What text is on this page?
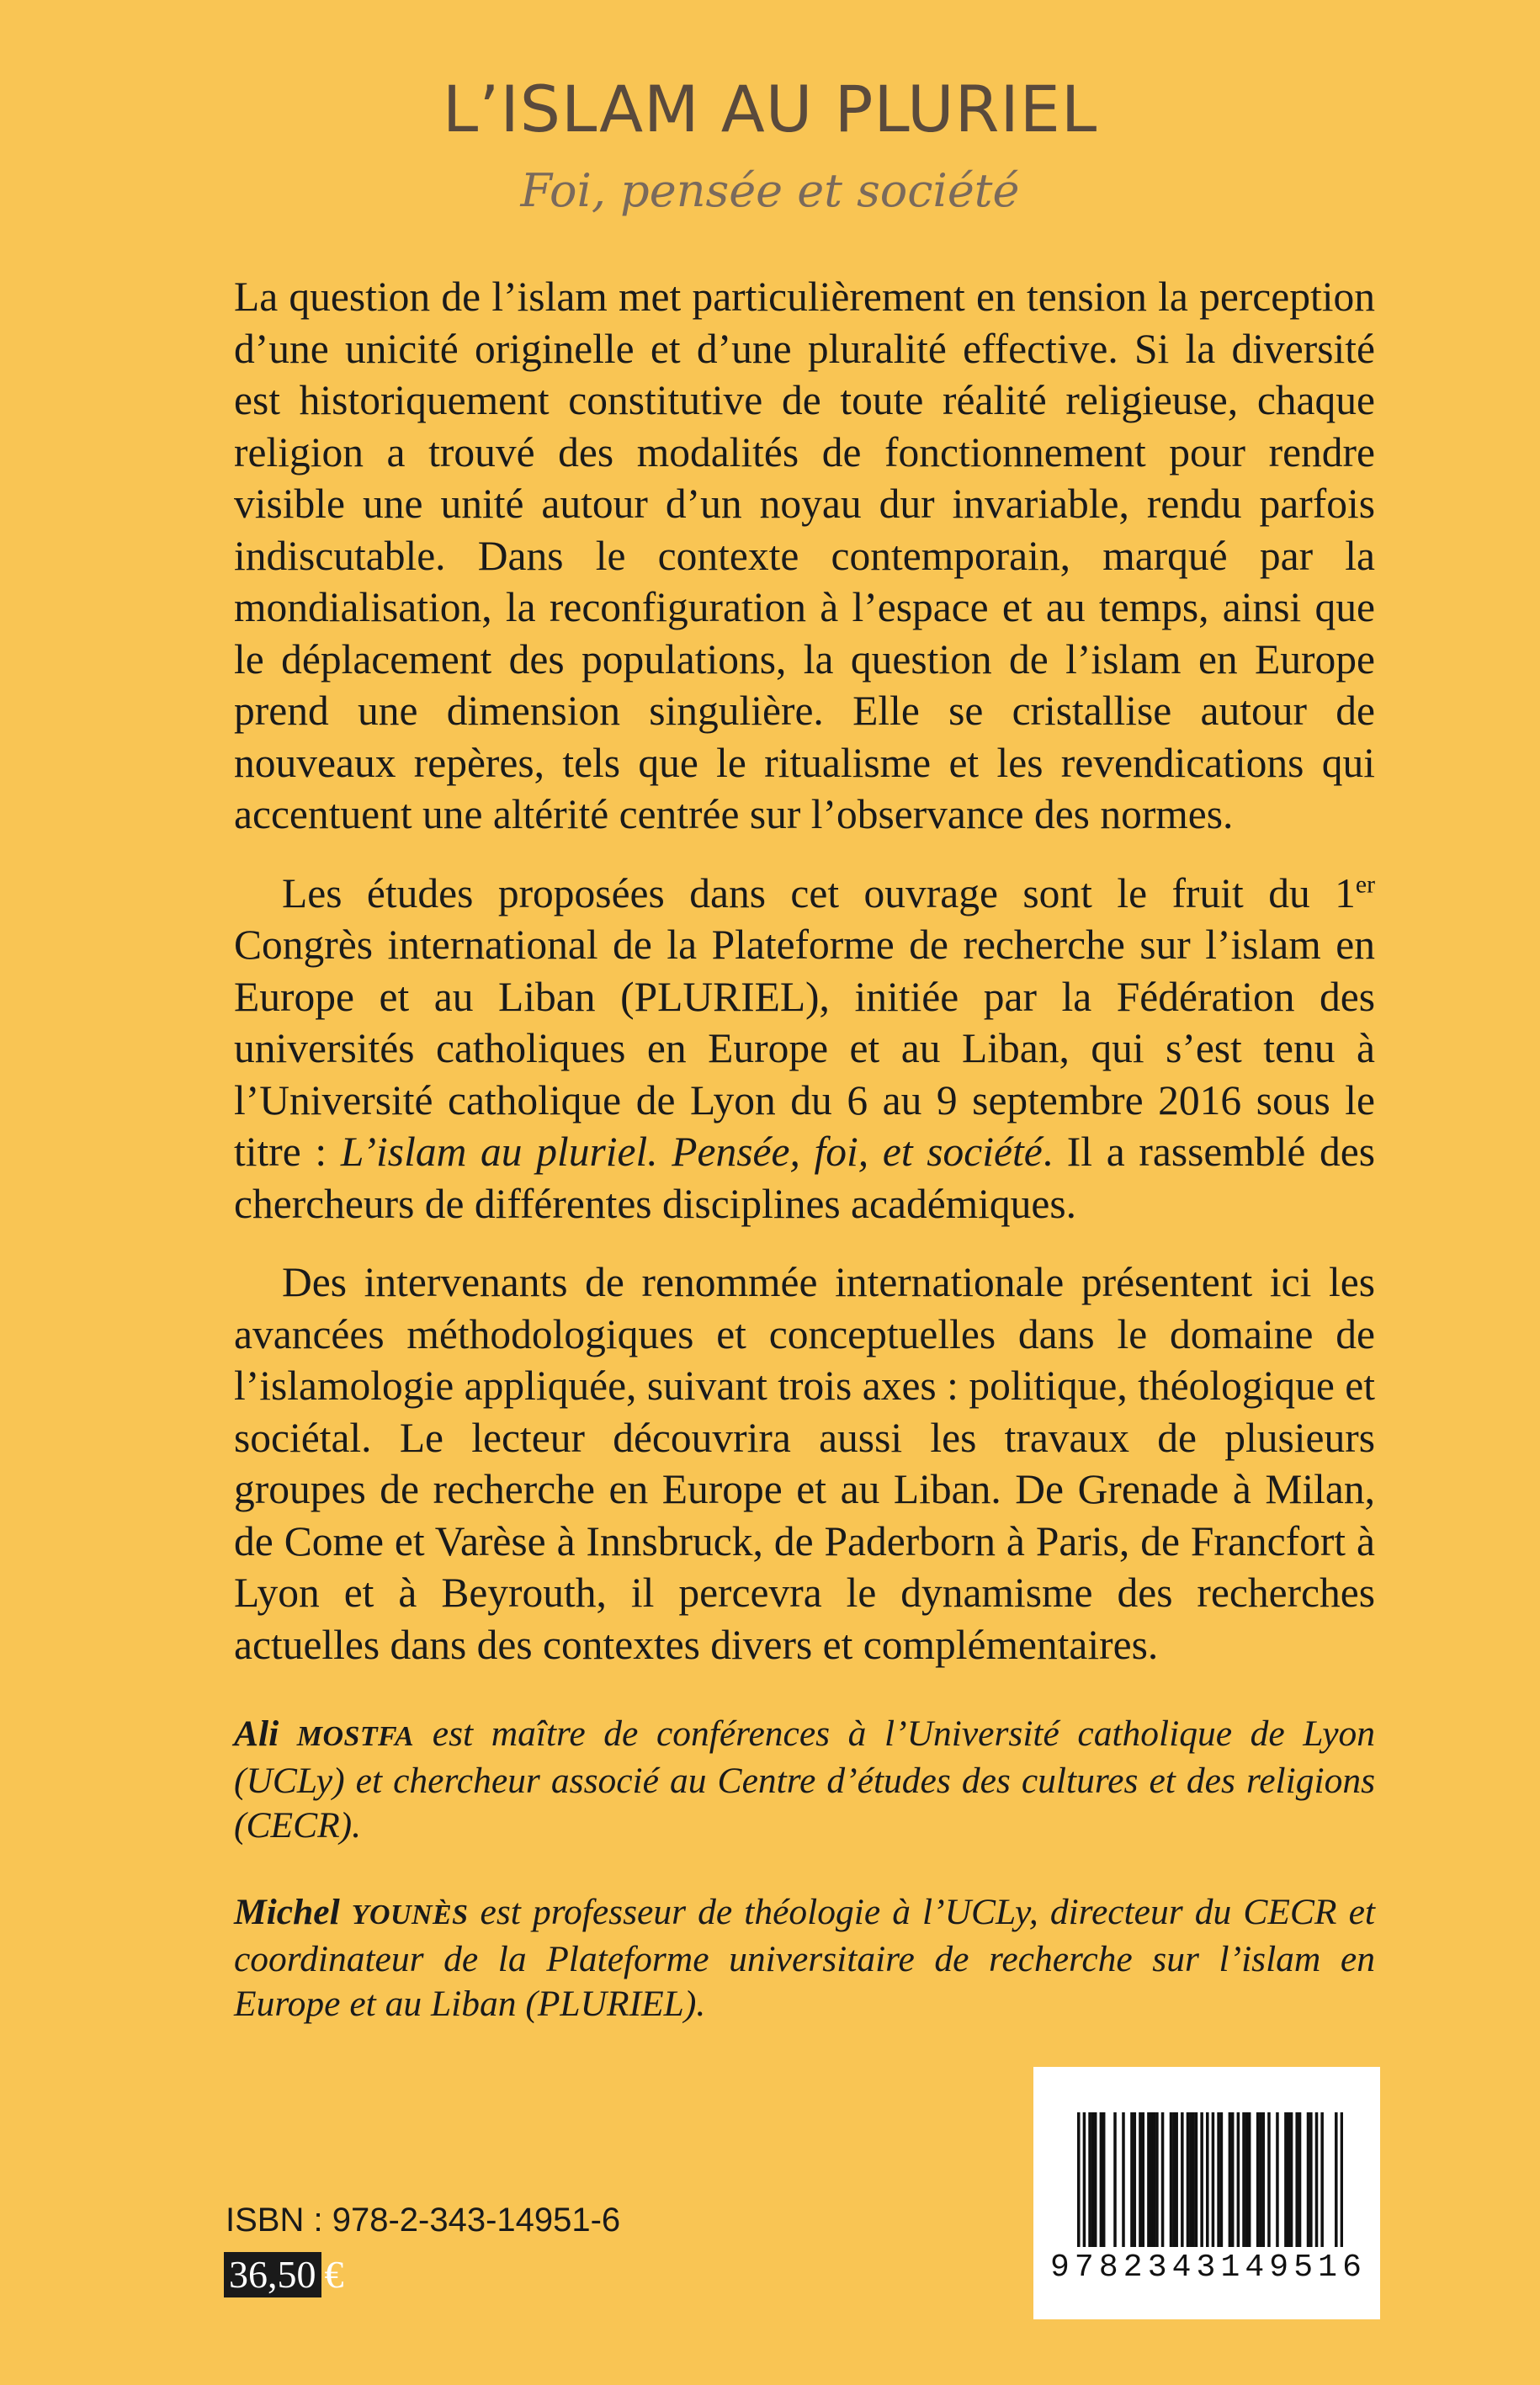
L’ISLAM AU PLURIEL
Foi, pensée et société

La question de l’islam met particulièrement en tension la perception d’une unicité originelle et d’une pluralité effective. Si la diversité est historiquement constitutive de toute réalité religieuse, chaque religion a trouvé des modalités de fonctionnement pour rendre visible une unité autour d’un noyau dur invariable, rendu parfois indiscutable. Dans le contexte contemporain, marqué par la mondialisation, la reconfiguration à l’espace et au temps, ainsi que le déplacement des populations, la question de l’islam en Europe prend une dimension singulière. Elle se cristallise autour de nouveaux repères, tels que le ritualisme et les revendications qui accentuent une altérité centrée sur l’observance des normes.

Les études proposées dans cet ouvrage sont le fruit du 1er Congrès international de la Plateforme de recherche sur l’islam en Europe et au Liban (PLURIEL), initiée par la Fédération des universités catholiques en Europe et au Liban, qui s’est tenu à l’Université catholique de Lyon du 6 au 9 septembre 2016 sous le titre : L’islam au pluriel. Pensée, foi, et société. Il a rassemblé des chercheurs de différentes disciplines académiques.

Des intervenants de renommée internationale présentent ici les avancées méthodologiques et conceptuelles dans le domaine de l’islamologie appliquée, suivant trois axes : politique, théologique et sociétal. Le lecteur découvrira aussi les travaux de plusieurs groupes de recherche en Europe et au Liban. De Grenade à Milan, de Come et Varèse à Innsbruck, de Paderborn à Paris, de Francfort à Lyon et à Beyrouth, il percevra le dynamisme des recherches actuelles dans des contextes divers et complémentaires.

Ali MOSTFA est maître de conférences à l’Université catholique de Lyon (UCLy) et chercheur associé au Centre d’études des cultures et des religions (CECR).

Michel YOUNÈS est professeur de théologie à l’UCLy, directeur du CECR et coordinateur de la Plateforme universitaire de recherche sur l’islam en Europe et au Liban (PLURIEL).

ISBN : 978-2-343-14951-6
36,50 €	9 7 8 2 3 4 3 1 4 9 5 1 6
